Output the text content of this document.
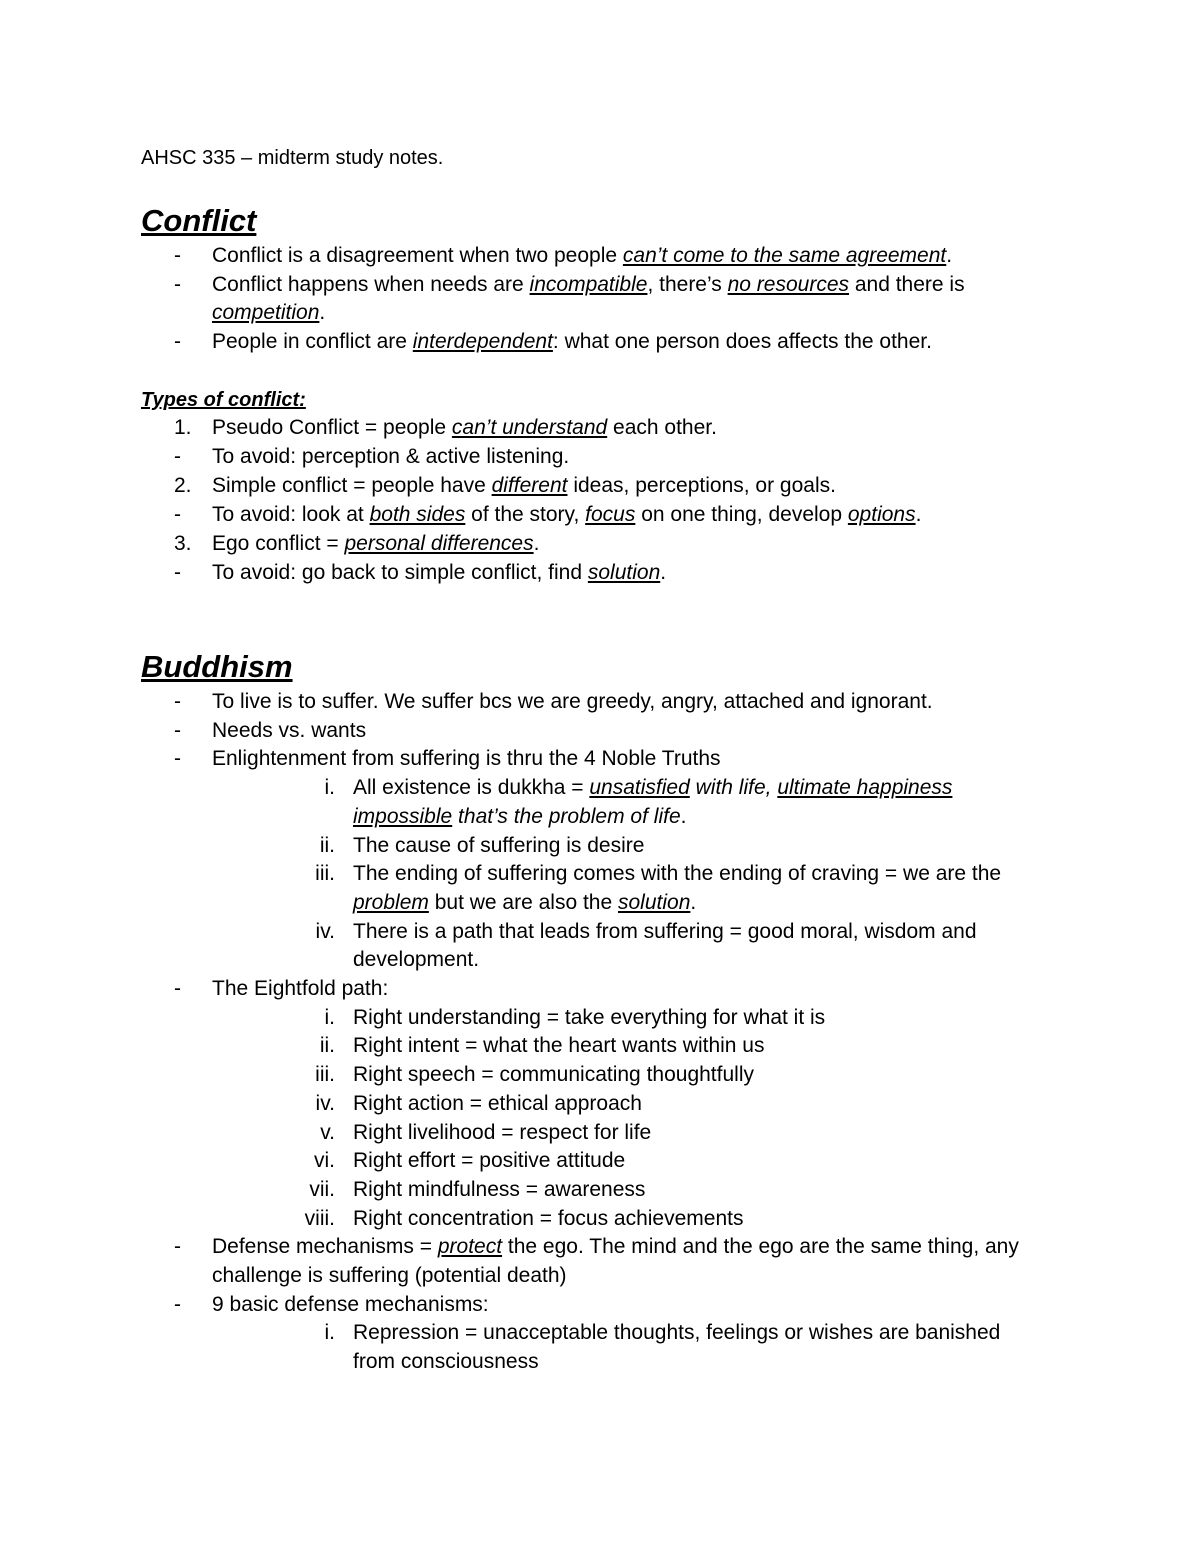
AHSC 335 – midterm study notes.
Conflict
-	Conflict is a disagreement when two people can’t come to the same agreement.
-	Conflict happens when needs are incompatible, there’s no resources and there is
competition.
-	People in conflict are interdependent: what one person does affects the other.
Types of conflict:
1. Pseudo Conflict = people can’t understand each other.
-	To avoid: perception & active listening.
2. Simple conflict = people have different ideas, perceptions, or goals.
-	To avoid: look at both sides of the story, focus on one thing, develop options.
3. Ego conflict = personal differences.
-	To avoid: go back to simple conflict, find solution.
Buddhism
-	To live is to suffer. We suffer bcs we are greedy, angry, attached and ignorant.
-	Needs vs. wants
-	Enlightenment from suffering is thru the 4 Noble Truths
i. All existence is dukkha = unsatisfied with life, ultimate happiness
impossible that’s the problem of life.
ii. The cause of suffering is desire
iii. The ending of suffering comes with the ending of craving = we are the
problem but we are also the solution.
iv. There is a path that leads from suffering = good moral, wisdom and
development.
-	The Eightfold path:
i. Right understanding = take everything for what it is
ii. Right intent = what the heart wants within us
iii. Right speech = communicating thoughtfully
iv. Right action = ethical approach
v. Right livelihood = respect for life
vi. Right effort = positive attitude
vii. Right mindfulness = awareness
viii. Right concentration = focus achievements
-	Defense mechanisms = protect the ego. The mind and the ego are the same thing, any
challenge is suffering (potential death)
-	9 basic defense mechanisms:
i. Repression = unacceptable thoughts, feelings or wishes are banished
from consciousness
